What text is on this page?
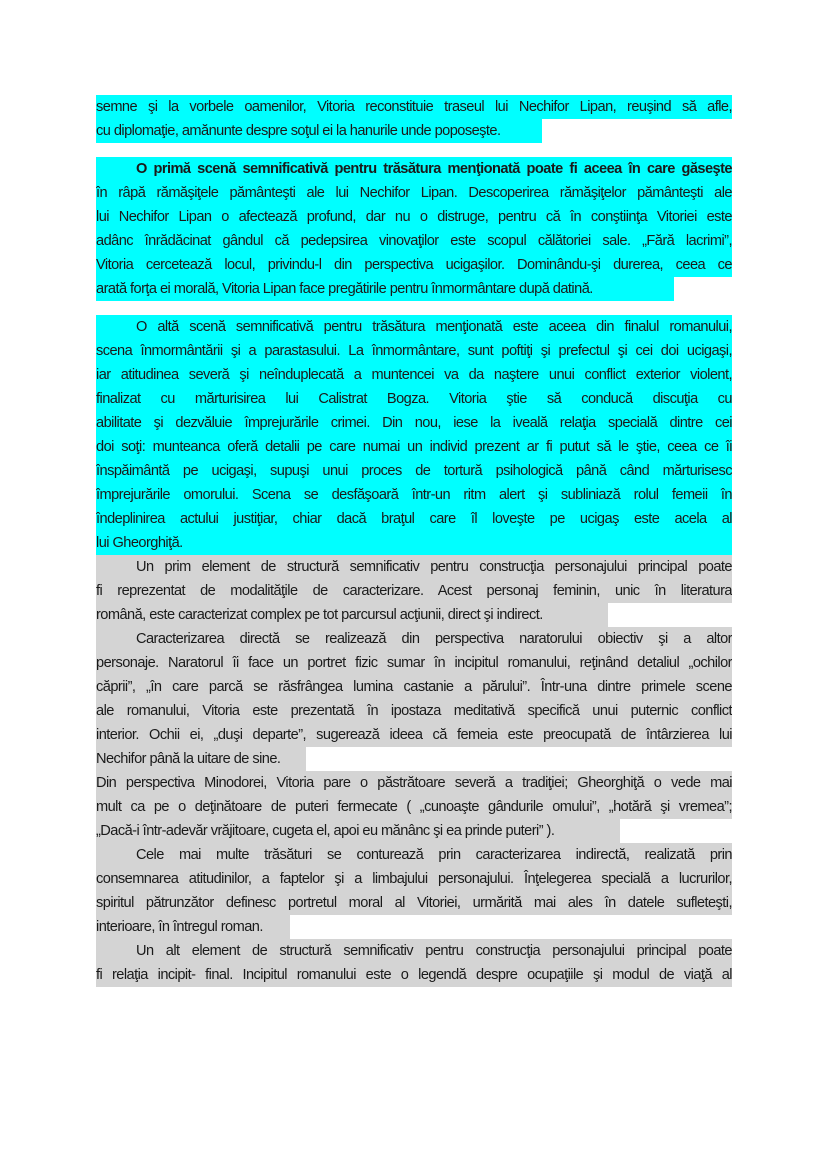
semne şi la vorbele oamenilor, Vitoria reconstituie traseul lui Nechifor Lipan, reuşind să afle,
cu diplomaţie, amănunte despre soţul ei la hanurile unde poposeşte.
O primă scenă semnificativă pentru trăsătura menţionată poate fi aceea în care găseşte
în râpă rămăşiţele pământeşti ale lui Nechifor Lipan. Descoperirea rămăşiţelor pământeşti ale
lui Nechifor Lipan o afectează profund, dar nu o distruge, pentru că în conştiinţa Vitoriei este
adânc înrădăcinat gândul că pedepsirea vinovaţilor este scopul călătoriei sale. „Fără lacrimi”,
Vitoria cercetează locul, privindu-l din perspectiva ucigaşilor. Dominându-şi durerea, ceea ce
arată forţa ei morală, Vitoria Lipan face pregătirile pentru înmormântare după datină.
O altă scenă semnificativă pentru trăsătura menţionată este aceea din finalul romanului,
scena înmormântării şi a parastasului. La înmormântare, sunt poftiţi şi prefectul şi cei doi ucigaşi,
iar atitudinea severă şi neînduplecată a muntencei va da naştere unui conflict exterior violent,
finalizat cu mărturisirea lui Calistrat Bogza. Vitoria ştie să conducă discuţia cu
abilitate şi dezvăluie împrejurările crimei. Din nou, iese la iveală relaţia specială dintre cei
doi soţi: munteanca oferă detalii pe care numai un individ prezent ar fi putut să le ştie, ceea ce îi
înspăimântă pe ucigaşi, supuşi unui proces de tortură psihologică până când mărturisesc
împrejurările omorului. Scena se desfăşoară într-un ritm alert şi subliniază rolul femeii în
îndeplinirea actului justiţiar, chiar dacă braţul care îl loveşte pe ucigaş este acela al
lui Gheorghiţă.
Un prim element de structură semnificativ pentru construcţia personajului principal poate
fi reprezentat de modalităţile de caracterizare. Acest personaj feminin, unic în literatura
română, este caracterizat complex pe tot parcursul acţiunii, direct şi indirect.
Caracterizarea directă se realizează din perspectiva naratorului obiectiv şi a altor
personaje. Naratorul îi face un portret fizic sumar în incipitul romanului, reţinând detaliul „ochilor
căprii”, „în care parcă se răsfrângea lumina castanie a părului”. Într-una dintre primele scene
ale romanului, Vitoria este prezentată în ipostaza meditativă specifică unui puternic conflict
interior. Ochii ei, „duşi departe”, sugerează ideea că femeia este preocupată de întârzierea lui
Nechifor până la uitare de sine.
Din perspectiva Minodorei, Vitoria pare o păstrătoare severă a tradiţiei; Gheorghiţă o vede mai
mult ca pe o deţinătoare de puteri fermecate ( „cunoaşte gândurile omului”, „hotără şi vremea”;
„Dacă-i într-adevăr vrăjitoare, cugeta el, apoi eu mănânc şi ea prinde puteri” ).
Cele mai multe trăsături se conturează prin caracterizarea indirectă, realizată prin
consemnarea atitudinilor, a faptelor şi a limbajului personajului. Înţelegerea specială a lucrurilor,
spiritul pătrunzător definesc portretul moral al Vitoriei, urmărită mai ales în datele sufleteşti,
interioare, în întregul roman.
Un alt element de structură semnificativ pentru construcţia personajului principal poate
fi relaţia incipit- final. Incipitul romanului este o legendă despre ocupaţiile şi modul de viaţă al
